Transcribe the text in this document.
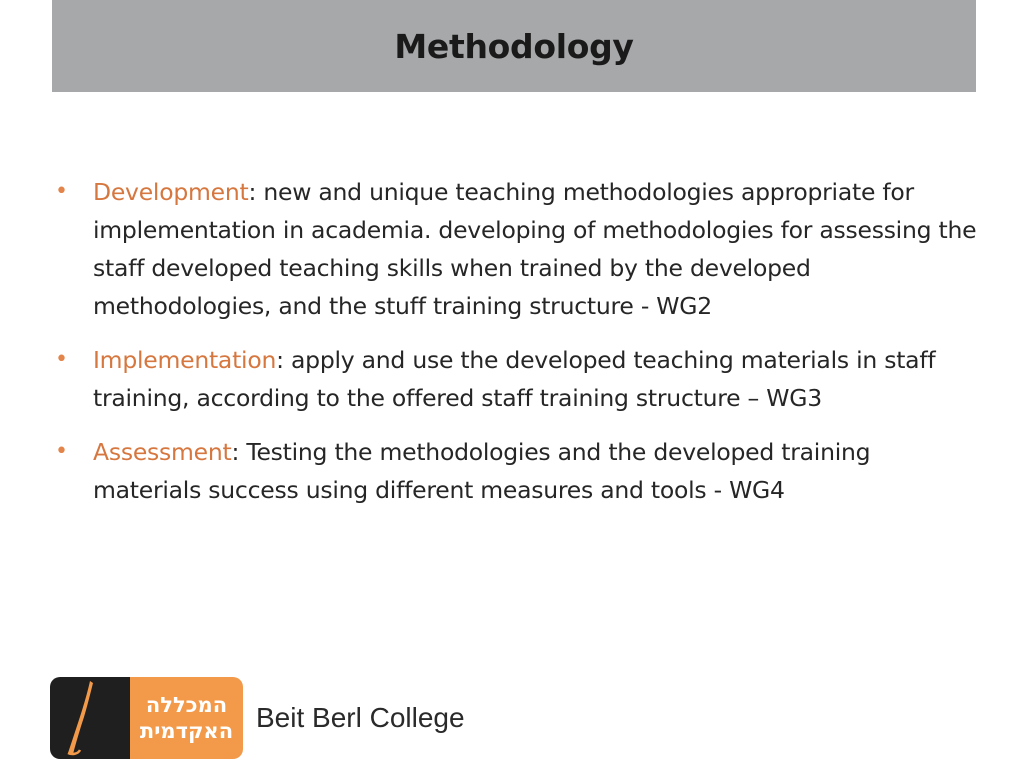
Methodology
• Development: new and unique teaching methodologies appropriate for implementation in academia. developing of methodologies for assessing the staff developed teaching skills when trained by the developed methodologies, and the stuff training structure - WG2
• Implementation: apply and use the developed teaching materials in staff training, according to the offered staff training structure – WG3
• Assessment: Testing the methodologies and the developed training materials success using different measures and tools - WG4
המכללה
האקדמית Beit Berl College
